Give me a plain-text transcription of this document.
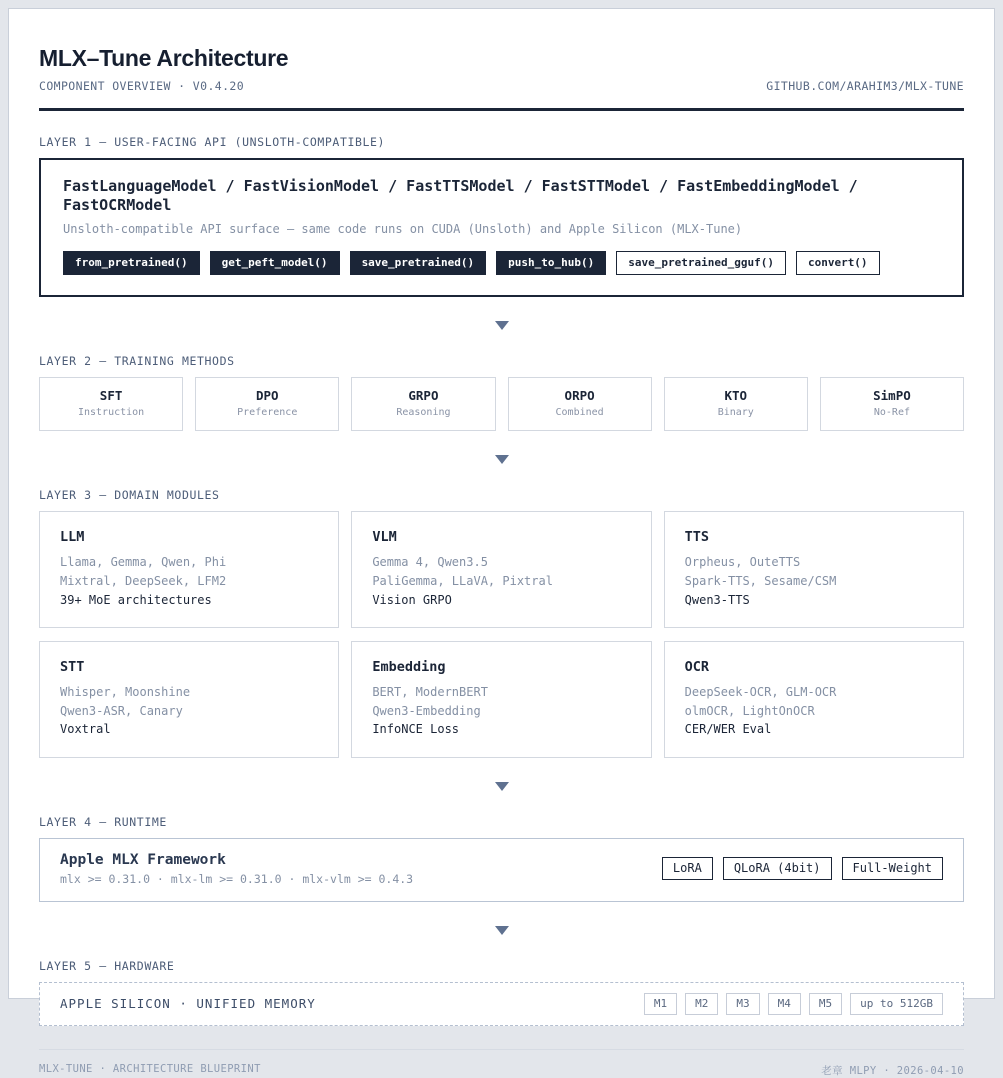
MLX–Tune Architecture
COMPONENT OVERVIEW · V0.4.20	GITHUB.COM/ARAHIM3/MLX-TUNE
LAYER 1 — USER-FACING API (UNSLOTH-COMPATIBLE)
FastLanguageModel / FastVisionModel / FastTTSModel / FastSTTModel / FastEmbeddingModel / FastOCRModel
Unsloth-compatible API surface — same code runs on CUDA (Unsloth) and Apple Silicon (MLX-Tune)
from_pretrained()	get_peft_model()	save_pretrained()	push_to_hub()	save_pretrained_gguf()	convert()
LAYER 2 — TRAINING METHODS
SFT
Instruction
DPO
Preference
GRPO
Reasoning
ORPO
Combined
KTO
Binary
SimPO
No-Ref
LAYER 3 — DOMAIN MODULES
LLM
Llama, Gemma, Qwen, Phi
Mixtral, DeepSeek, LFM2
39+ MoE architectures
VLM
Gemma 4, Qwen3.5
PaliGemma, LLaVA, Pixtral
Vision GRPO
TTS
Orpheus, OuteTTS
Spark-TTS, Sesame/CSM
Qwen3-TTS
STT
Whisper, Moonshine
Qwen3-ASR, Canary
Voxtral
Embedding
BERT, ModernBERT
Qwen3-Embedding
InfoNCE Loss
OCR
DeepSeek-OCR, GLM-OCR
olmOCR, LightOnOCR
CER/WER Eval
LAYER 4 — RUNTIME
Apple MLX Framework
mlx >= 0.31.0 · mlx-lm >= 0.31.0 · mlx-vlm >= 0.4.3
LoRA	QLoRA (4bit)	Full-Weight
LAYER 5 — HARDWARE
APPLE SILICON · UNIFIED MEMORY	M1	M2	M3	M4	M5	up to 512GB
MLX-TUNE · ARCHITECTURE BLUEPRINT	老章 MLPY · 2026-04-10
